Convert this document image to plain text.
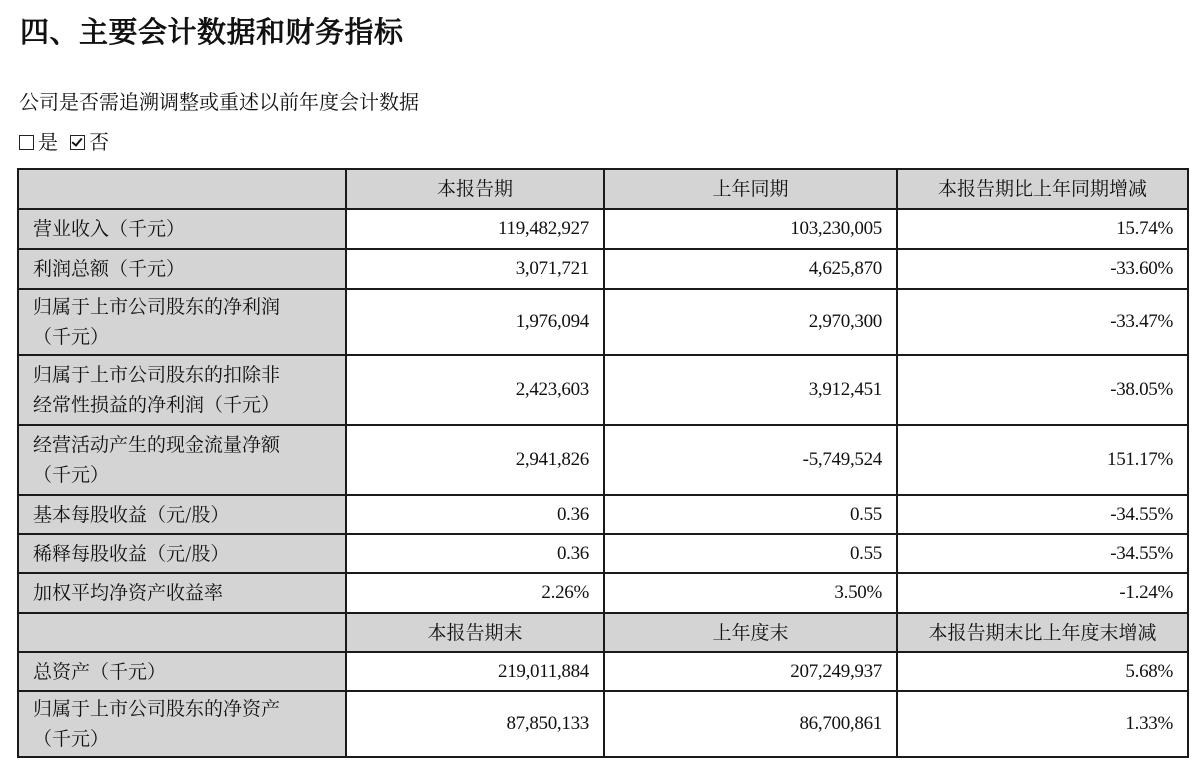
四、主要会计数据和财务指标
公司是否需追溯调整或重述以前年度会计数据
是 否
	本报告期	上年同期	本报告期比上年同期增减
营业收入（千元）	119,482,927	103,230,005	15.74%
利润总额（千元）	3,071,721	4,625,870	-33.60%

归属于上市公司股东的净利润
（千元）	1,976,094	2,970,300	-33.47%

归属于上市公司股东的扣除非
经常性损益的净利润（千元）	2,423,603	3,912,451	-38.05%

经营活动产生的现金流量净额
（千元）	2,941,826	-5,749,524	151.17%
基本每股收益（元/股）	0.36	0.55	-34.55%
稀释每股收益（元/股）	0.36	0.55	-34.55%
加权平均净资产收益率	2.26%	3.50%	-1.24%
	本报告期末	上年度末	本报告期末比上年度末增减
总资产（千元）	219,011,884	207,249,937	5.68%

归属于上市公司股东的净资产
（千元）	87,850,133	86,700,861	1.33%
